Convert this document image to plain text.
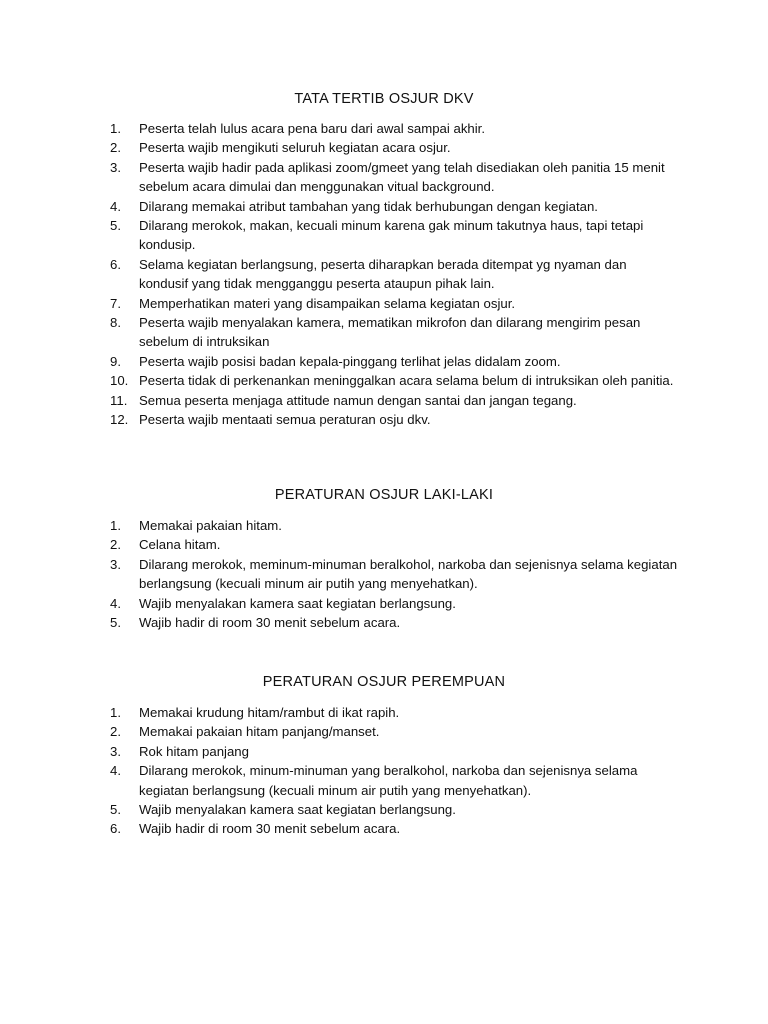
TATA TERTIB OSJUR DKV
1.	Peserta telah lulus acara pena baru dari awal sampai akhir.
2.	Peserta wajib mengikuti seluruh kegiatan acara osjur.
3.	Peserta wajib hadir pada aplikasi zoom/gmeet yang telah disediakan oleh panitia 15 menit sebelum acara dimulai dan menggunakan vitual background.
4.	Dilarang memakai atribut tambahan yang tidak berhubungan dengan kegiatan.
5.	Dilarang merokok, makan, kecuali minum karena gak minum takutnya haus, tapi tetapi kondusip.
6.	Selama kegiatan berlangsung, peserta diharapkan berada ditempat yg nyaman dan kondusif yang tidak mengganggu peserta ataupun pihak lain.
7.	Memperhatikan materi yang disampaikan selama kegiatan osjur.
8.	Peserta wajib menyalakan kamera, mematikan mikrofon dan dilarang mengirim pesan sebelum di intruksikan
9.	Peserta wajib posisi badan kepala-pinggang terlihat jelas didalam zoom.
10. Peserta tidak di perkenankan meninggalkan acara selama belum di intruksikan oleh panitia.
11. Semua peserta menjaga attitude namun dengan santai dan jangan tegang.
12. Peserta wajib mentaati semua peraturan osju dkv.
PERATURAN OSJUR LAKI-LAKI
1.	Memakai pakaian hitam.
2.	Celana hitam.
3.	Dilarang merokok, meminum-minuman beralkohol, narkoba dan sejenisnya selama kegiatan berlangsung (kecuali minum air putih yang menyehatkan).
4.	Wajib menyalakan kamera saat kegiatan berlangsung.
5.	Wajib hadir di room 30 menit sebelum acara.
PERATURAN OSJUR PEREMPUAN
1.	Memakai krudung hitam/rambut di ikat rapih.
2.	Memakai pakaian hitam panjang/manset.
3.	Rok hitam panjang
4.	Dilarang merokok, minum-minuman yang beralkohol, narkoba dan sejenisnya selama kegiatan berlangsung (kecuali minum air putih yang menyehatkan).
5.	Wajib menyalakan kamera saat kegiatan berlangsung.
6.	Wajib hadir di room 30 menit sebelum acara.
